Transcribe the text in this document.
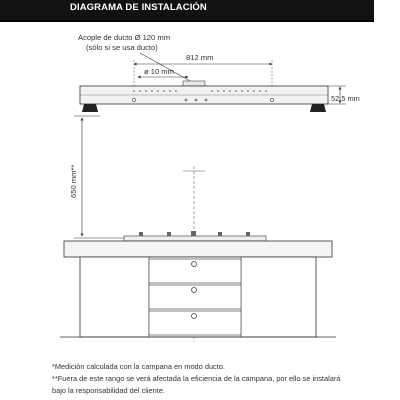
DIAGRAMA DE INSTALACIÓN
Acople de ducto Ø 120 mm
(sólo si se usa ducto)
812 mm
ø 10 mm
52,5 mm
650 mm**
*Medición calculada con la campana en modo ducto.
**Fuera de este rango se verá afectada la eficiencia de la campana, por ello se instalará
bajo la responsabilidad del cliente.
